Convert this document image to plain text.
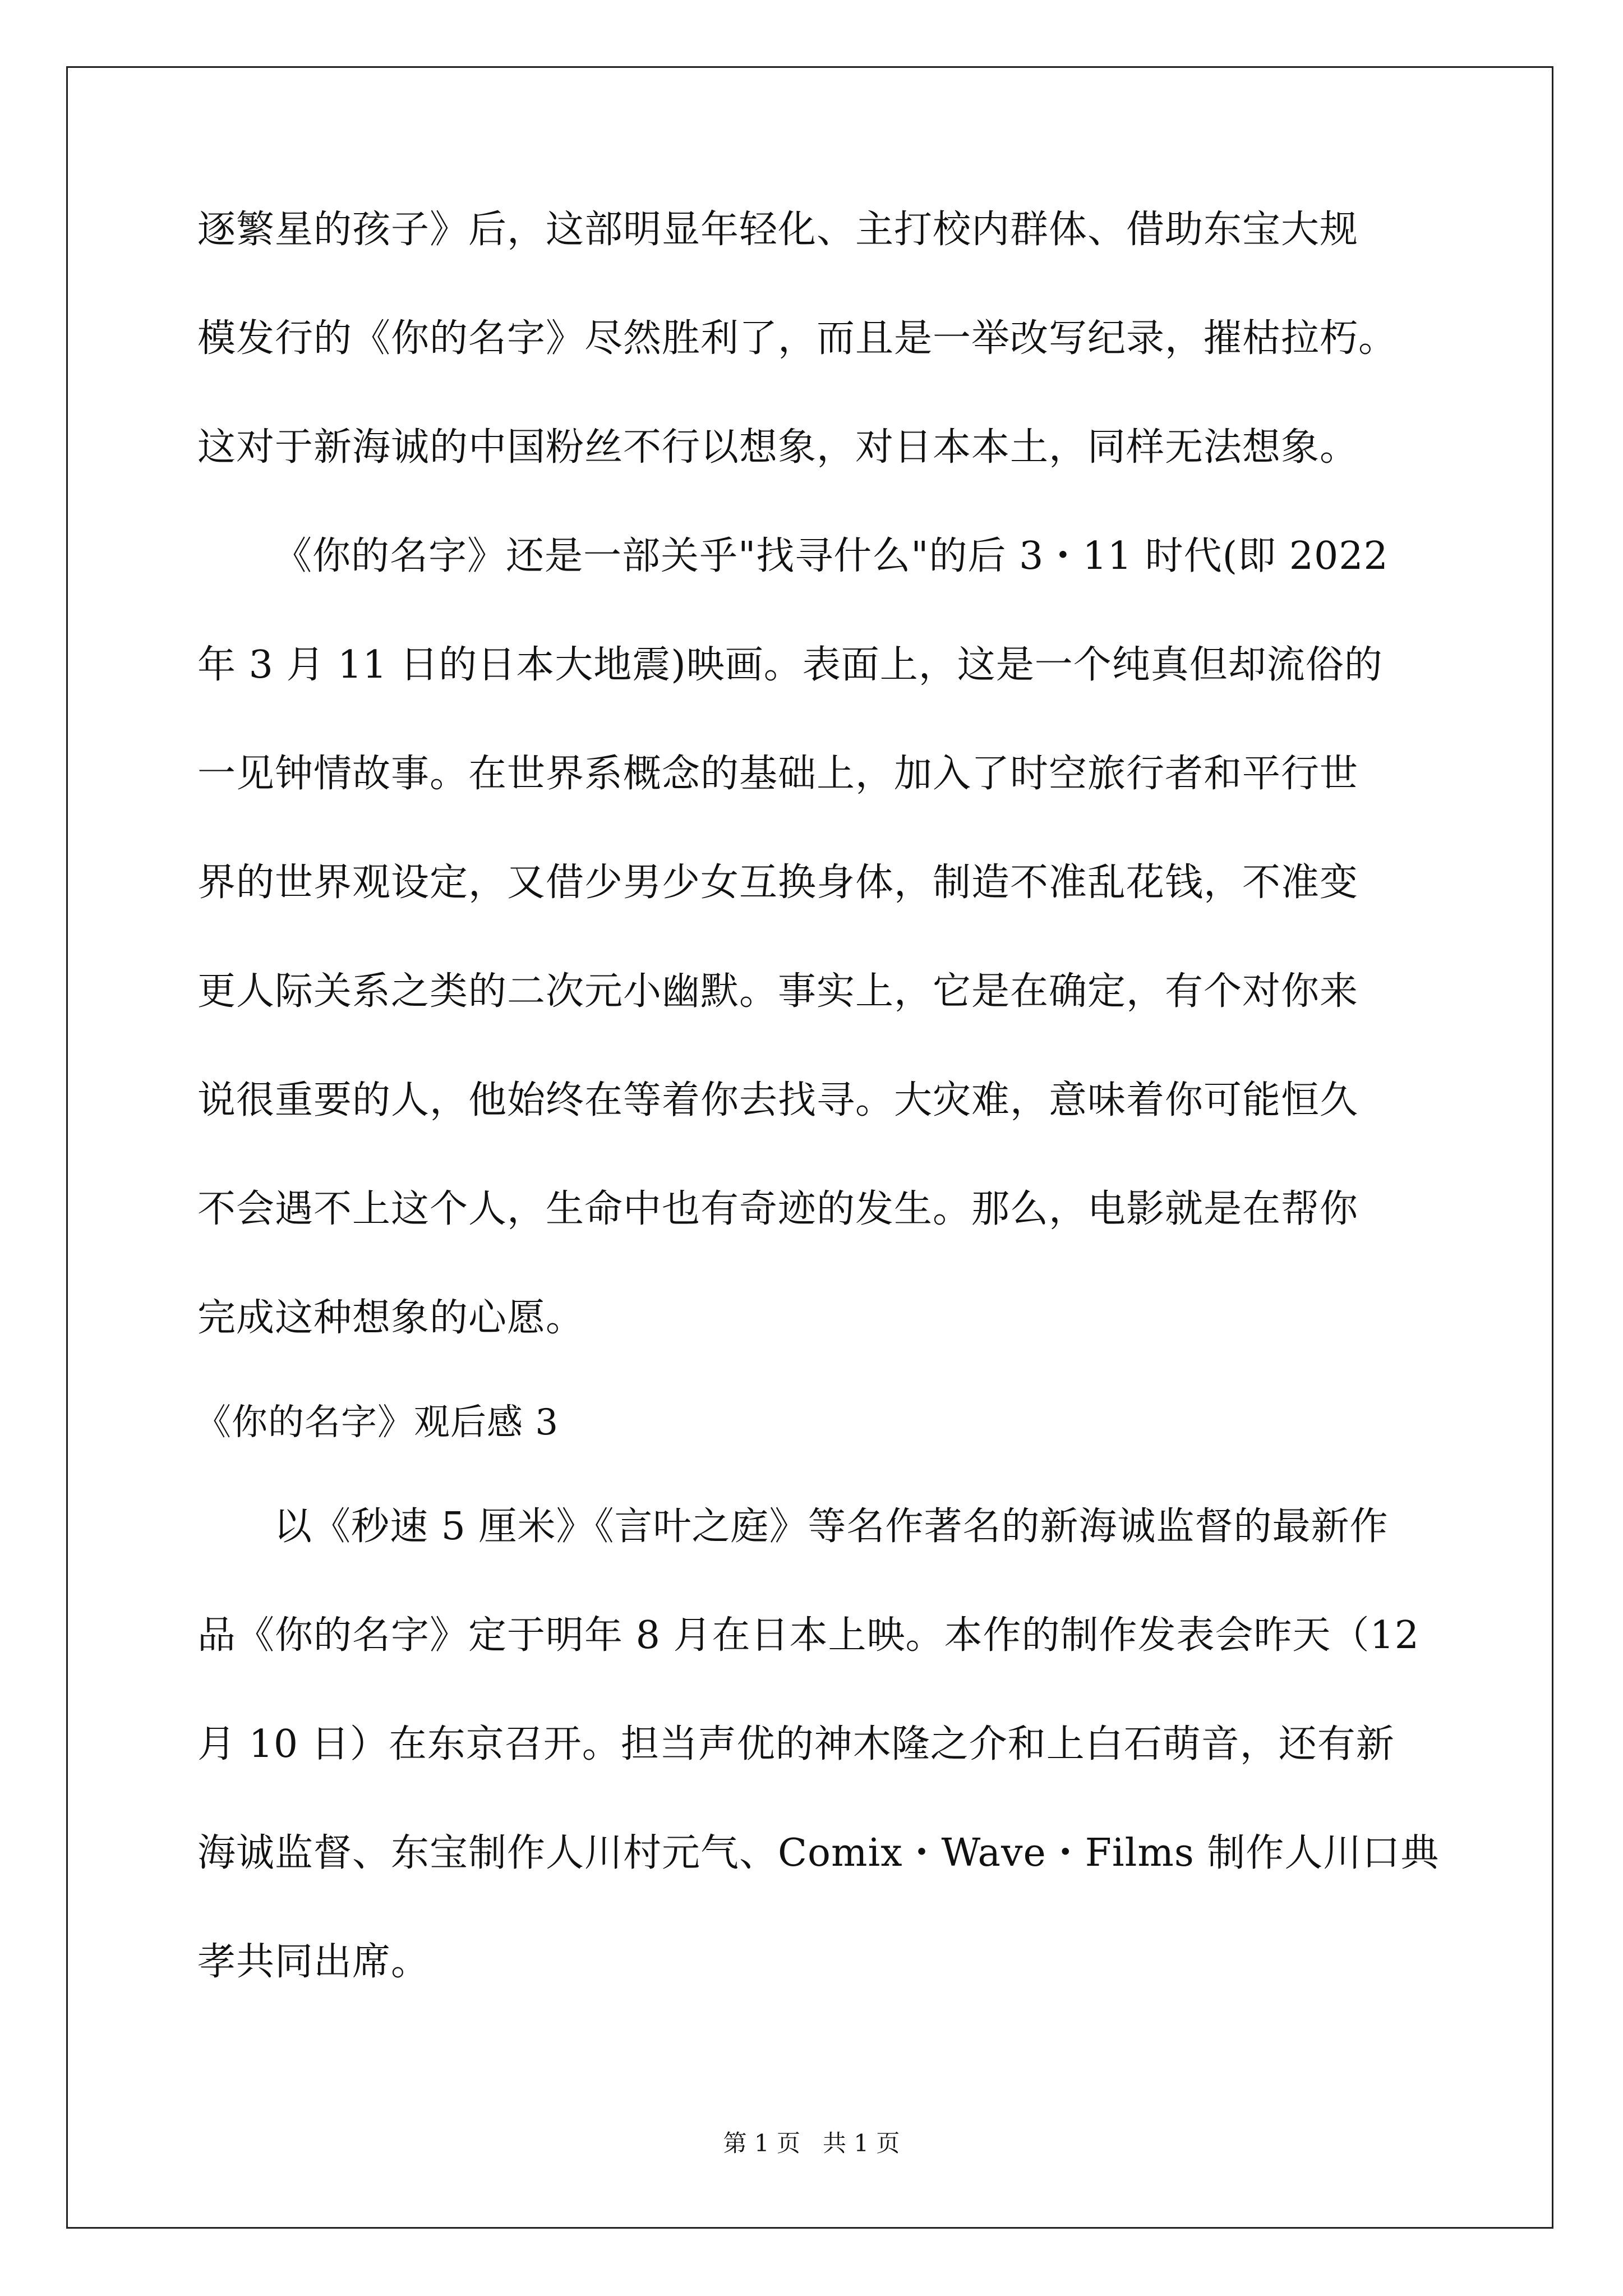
逐繁星的孩子》后，这部明显年轻化、主打校内群体、借助东宝大规
模发行的《你的名字》尽然胜利了，而且是一举改写纪录，摧枯拉朽。
这对于新海诚的中国粉丝不行以想象，对日本本土，同样无法想象。
《你的名字》还是一部关乎"找寻什么"的后 3・11 时代(即 2022
年 3 月 11 日的日本大地震)映画。表面上，这是一个纯真但却流俗的
一见钟情故事。在世界系概念的基础上，加入了时空旅行者和平行世
界的世界观设定，又借少男少女互换身体，制造不准乱花钱，不准变
更人际关系之类的二次元小幽默。事实上，它是在确定，有个对你来
说很重要的人，他始终在等着你去找寻。大灾难，意味着你可能恒久
不会遇不上这个人，生命中也有奇迹的发生。那么，电影就是在帮你
完成这种想象的心愿。
《你的名字》观后感 3
以《秒速 5 厘米》《言叶之庭》等名作著名的新海诚监督的最新作
品《你的名字》定于明年 8 月在日本上映。本作的制作发表会昨天（12
月 10 日）在东京召开。担当声优的神木隆之介和上白石萌音，还有新
海诚监督、东宝制作人川村元气、Comix・Wave・Films 制作人川口典
孝共同出席。
第 1 页 共 1 页
